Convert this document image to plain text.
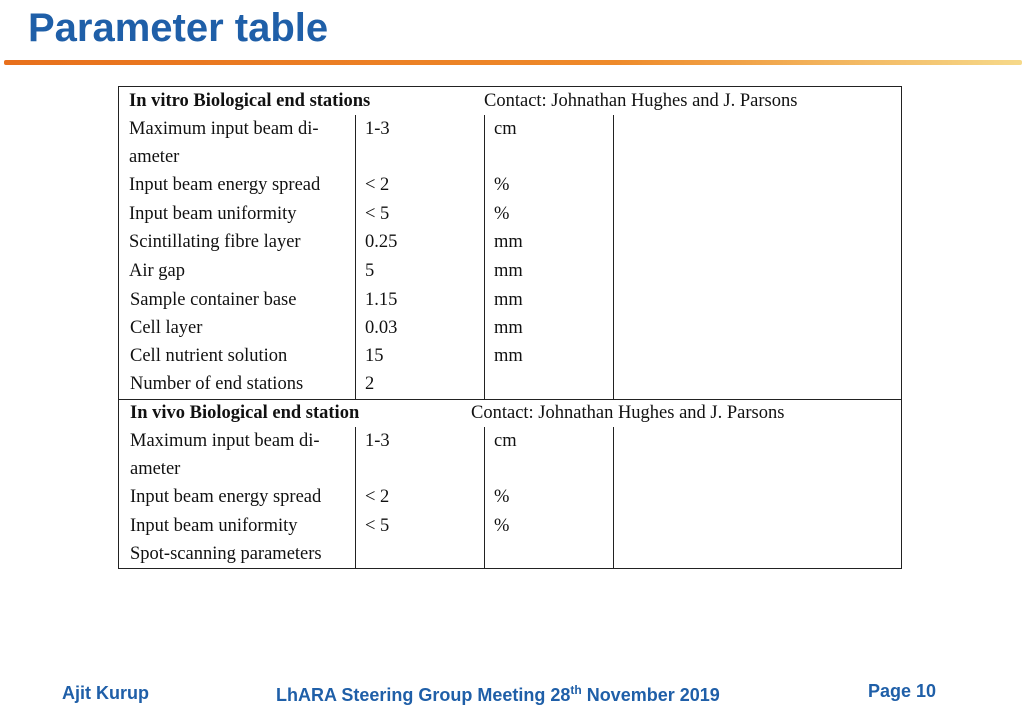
Parameter table
In vitro Biological end stations	Contact: Johnathan Hughes and J. Parsons
Maximum input beam di-	1-3	cm
ameter
Input beam energy spread < 2	%
Input beam uniformity	< 5	%
Scintillating fibre layer	0.25	mm
Air gap	5	mm
Sample container base	1.15	mm
Cell layer	0.03	mm
Cell nutrient solution	15	mm
Number of end stations	2
In vivo Biological end station	Contact: Johnathan Hughes and J. Parsons
Maximum input beam di- 1-3	cm
ameter
Input beam energy spread < 2	%
Input beam uniformity	< 5	%
Spot-scanning parameters
Ajit Kurup	LhARA Steering Group Meeting 28th November 2019	Page 10
